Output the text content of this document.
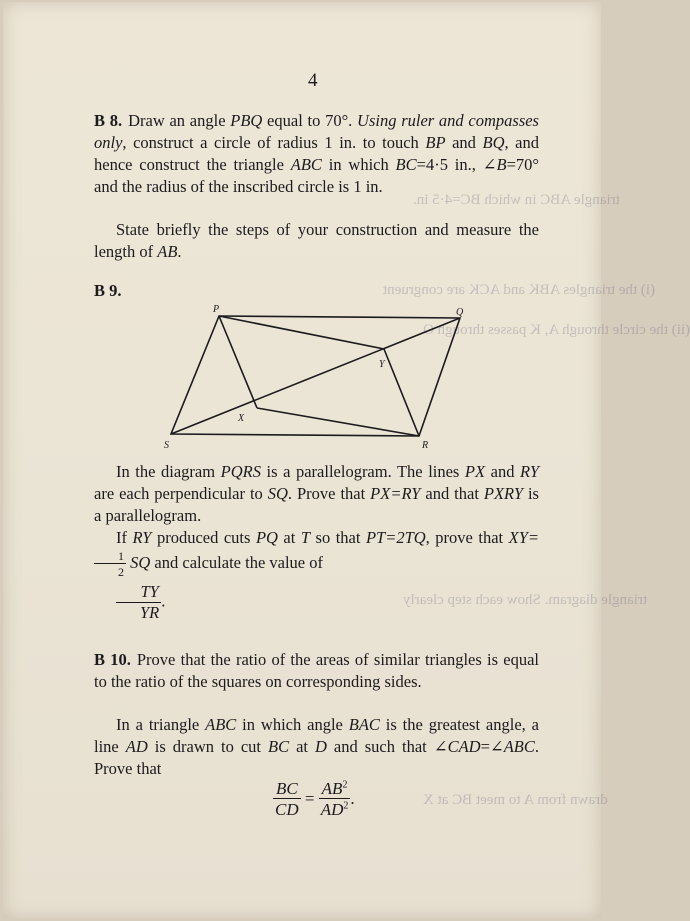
triangle ABC in which BC=4·5 in.
(i) the triangles ABK and ACK are congruent
(ii) the circle through A, K passes through O
triangle diagram. Show each step clearly
drawn from A to meet BC at X
4
B 8. Draw an angle PBQ equal to 70°. Using ruler and compasses only, construct a circle of radius 1 in. to touch BP and BQ, and hence construct the triangle ABC in which BC=4·5 in., ∠B=70° and the radius of the inscribed circle is 1 in.
State briefly the steps of your construction and measure the length of AB.
B 9.
P	Q
R
S
X
Y
In the diagram PQRS is a parallelogram. The lines PX and RY are each perpendicular to SQ. Prove that PX=RY and that PXRY is a parallelogram.
If RY produced cuts PQ at T so that PT=2TQ, prove that XY=
$\frac{1}{2}$ SQ and calculate the value of
$\frac{TY}{YR}$ .
B 10. Prove that the ratio of the areas of similar triangles is equal to the ratio of the squares on corresponding sides.
In a triangle ABC in which angle BAC is the greatest angle, a line AD is drawn to cut BC at D and such that ∠CAD=∠ABC. Prove that
$\frac{BC}{CD} = \frac{AB^2}{AD^2}$ .
